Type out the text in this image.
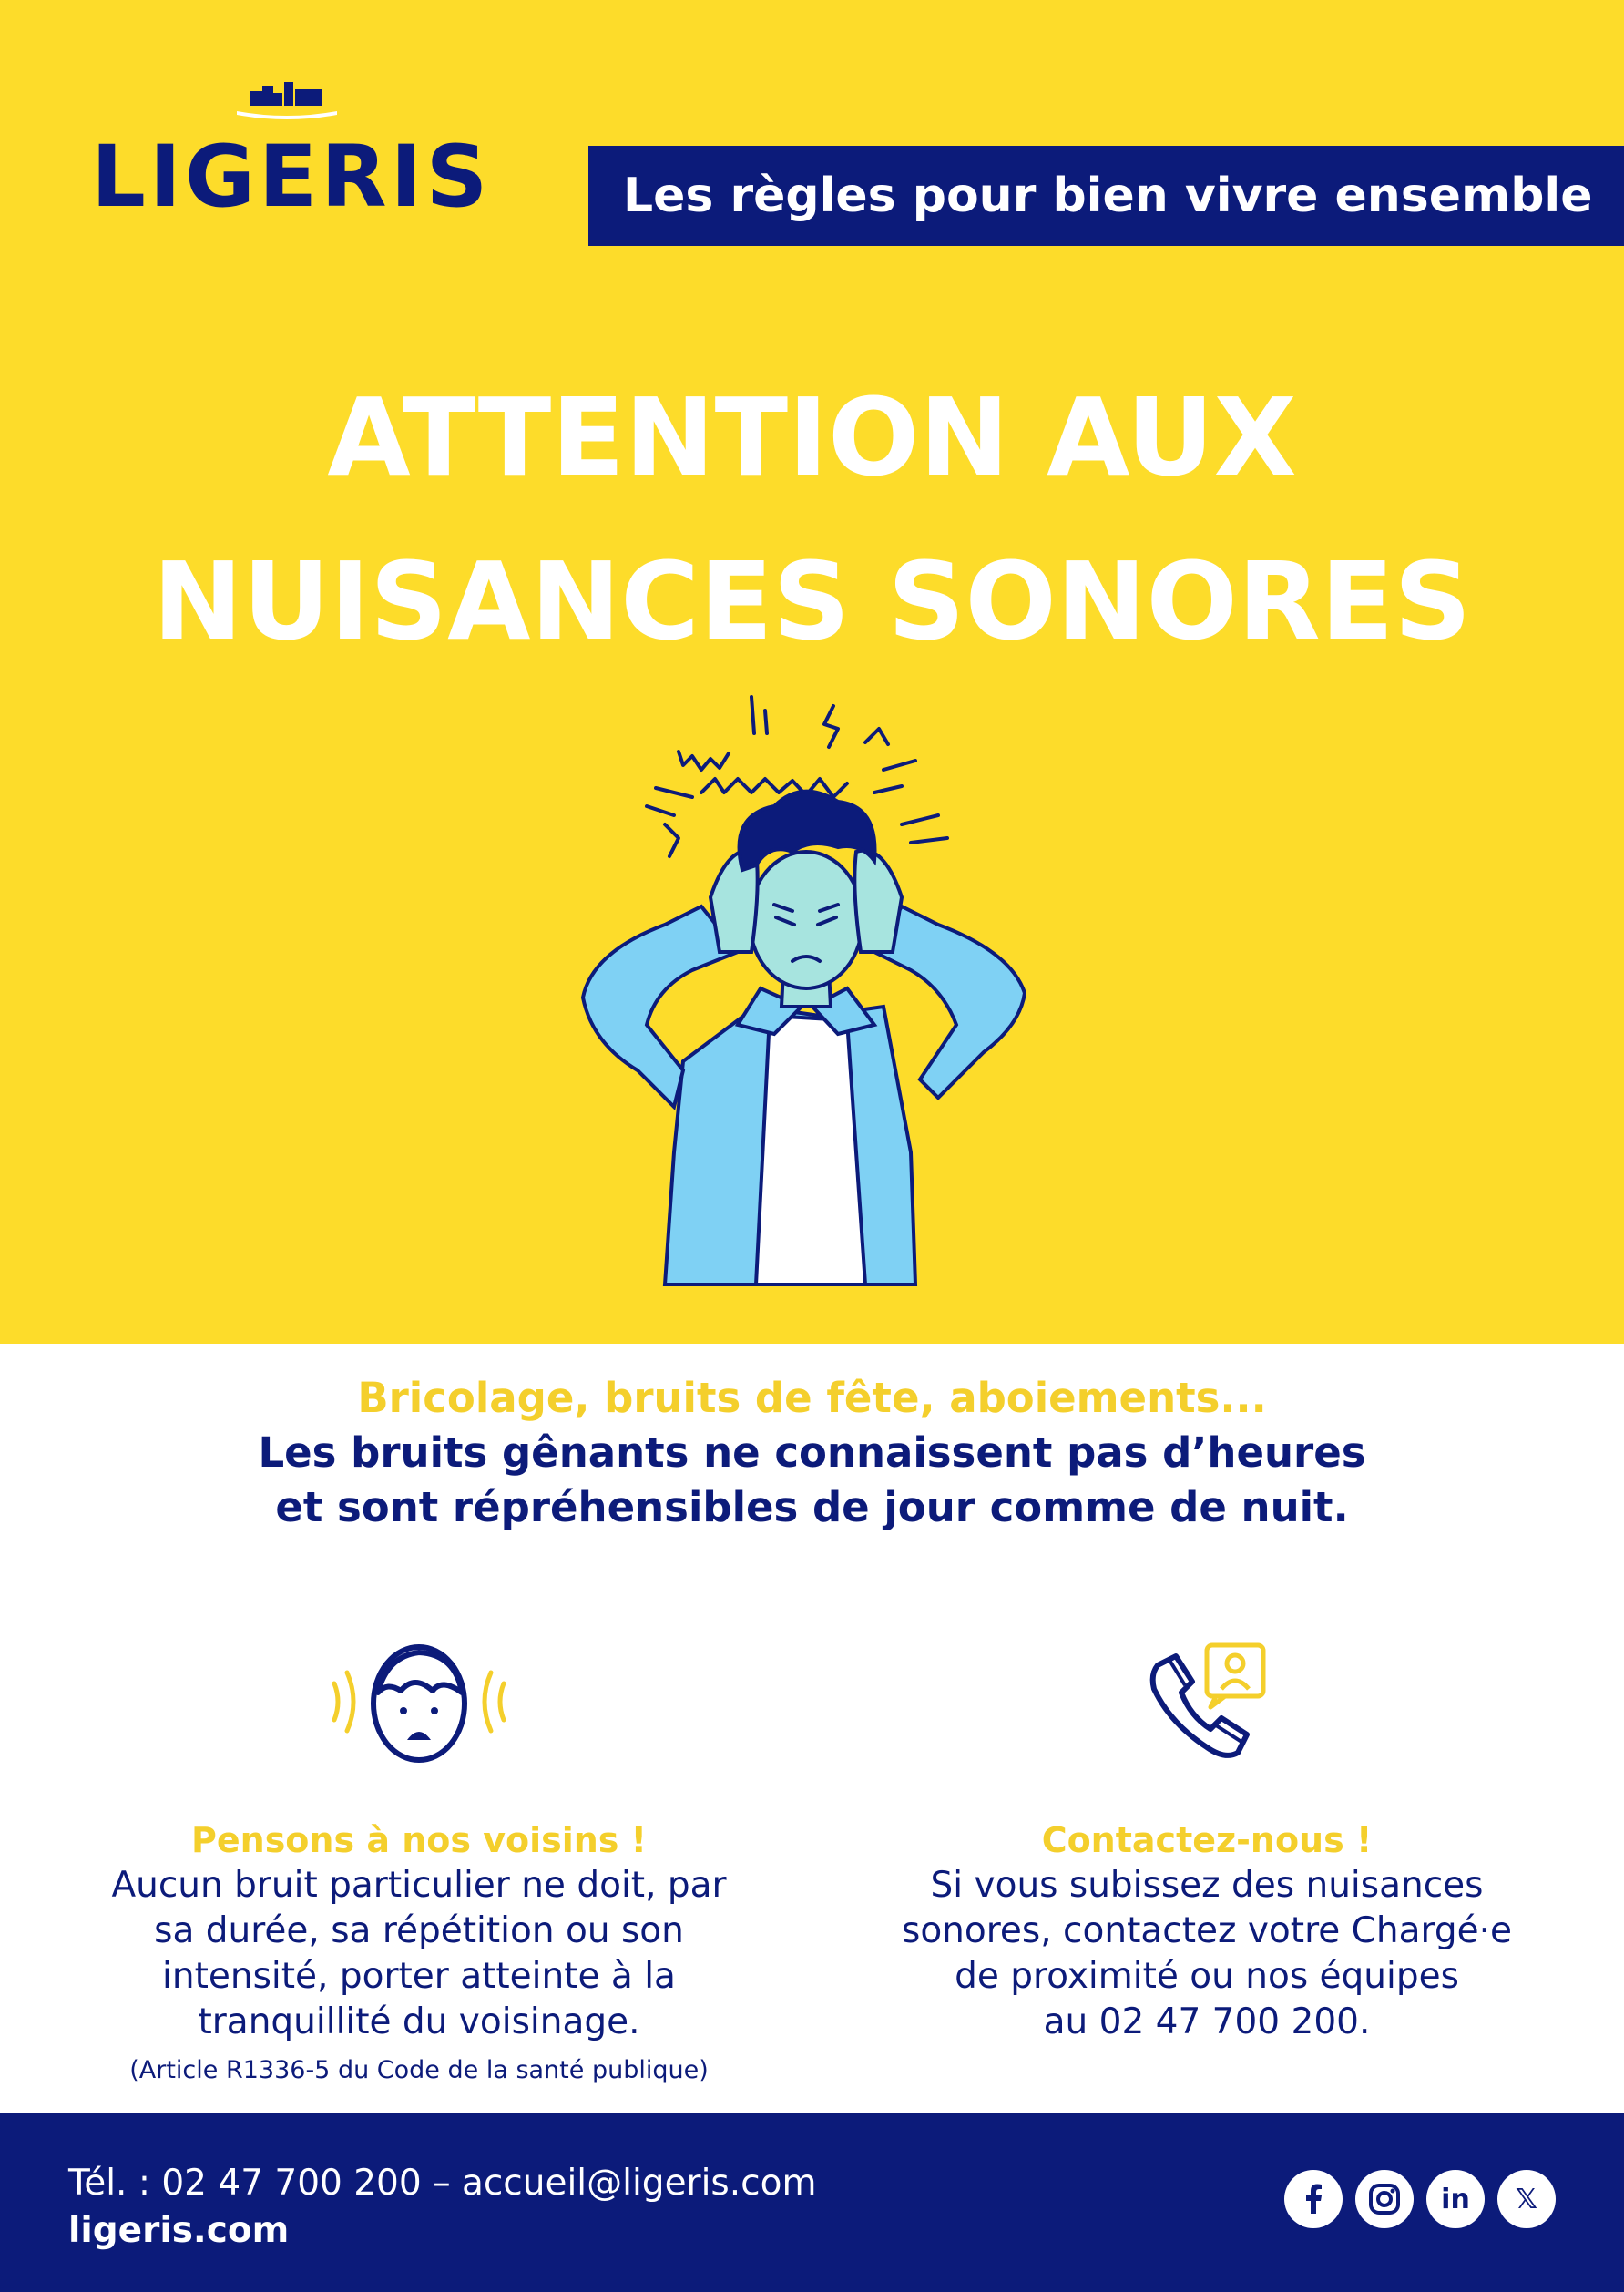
LIGERIS	Les règles pour bien vivre ensemble
ATTENTION AUX
NUISANCES SONORES
Bricolage, bruits de fête, aboiements...
Les bruits gênants ne connaissent pas d’heures
et sont répréhensibles de jour comme de nuit.
Pensons à nos voisins !
Aucun bruit particulier ne doit, par
sa durée, sa répétition ou son
intensité, porter atteinte à la
tranquillité du voisinage.
(Article R1336-5 du Code de la santé publique)
Contactez-nous !
Si vous subissez des nuisances
sonores, contactez votre Chargé·e
de proximité ou nos équipes
au 02 47 700 200.
Tél. : 02 47 700 200 – accueil@ligeris.com
ligeris.com
in	𝕏
